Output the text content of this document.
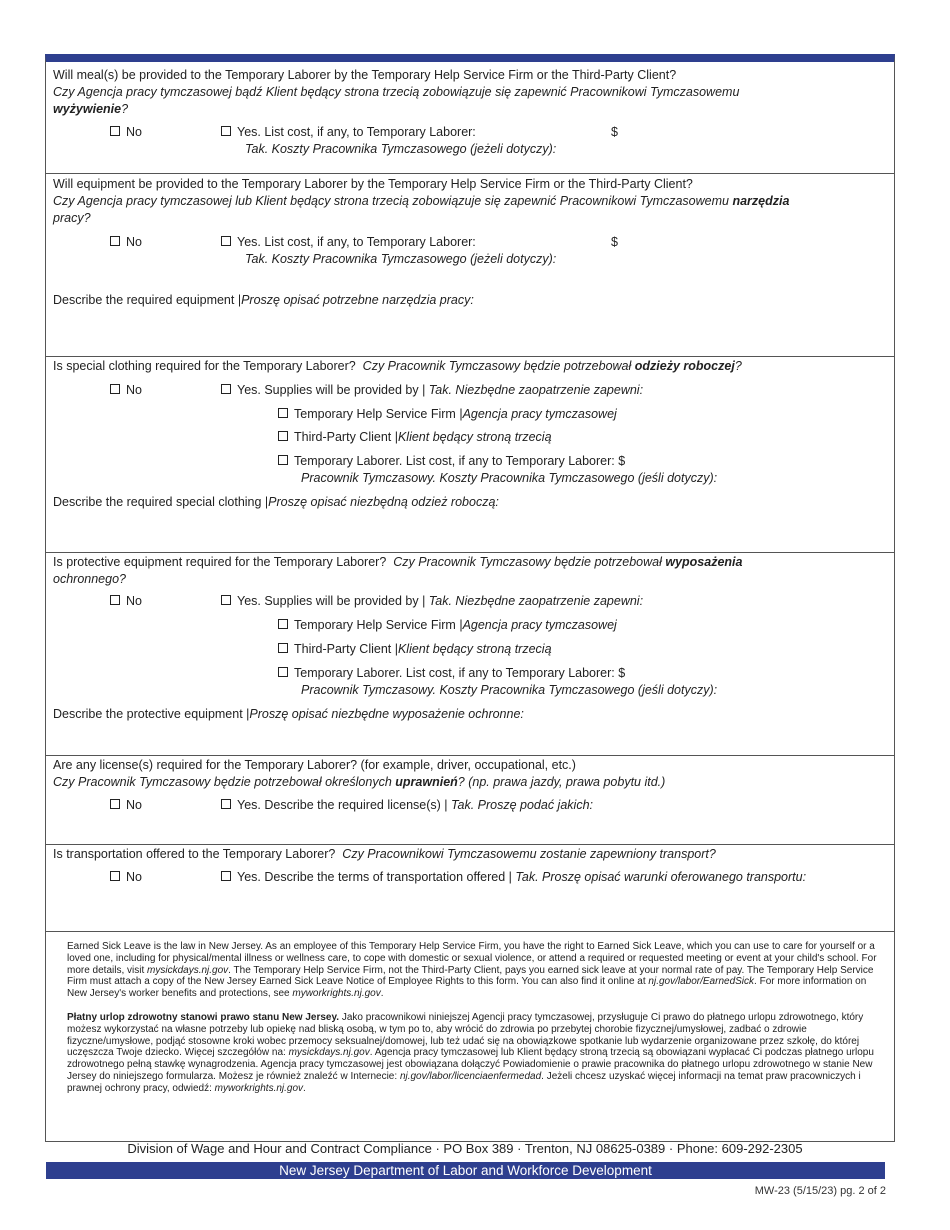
Will meal(s) be provided to the Temporary Laborer by the Temporary Help Service Firm or the Third-Party Client?
Czy Agencja pracy tymczasowej bądź Klient będący strona trzecią zobowiązuje się zapewnić Pracownikowi Tymczasowemu
wyżywienie?
No	Yes. List cost, if any, to Temporary Laborer:	$
Tak. Koszty Pracownika Tymczasowego (jeżeli dotyczy):
Will equipment be provided to the Temporary Laborer by the Temporary Help Service Firm or the Third-Party Client?
Czy Agencja pracy tymczasowej lub Klient będący strona trzecią zobowiązuje się zapewnić Pracownikowi Tymczasowemu narzędzia
pracy?
No	Yes. List cost, if any, to Temporary Laborer:	$
Tak. Koszty Pracownika Tymczasowego (jeżeli dotyczy):
Describe the required equipment |Proszę opisać potrzebne narzędzia pracy:
Is special clothing required for the Temporary Laborer? Czy Pracownik Tymczasowy będzie potrzebował odzieży roboczej?
No	Yes. Supplies will be provided by | Tak. Niezbędne zaopatrzenie zapewni:
Temporary Help Service Firm |Agencja pracy tymczasowej
Third-Party Client |Klient będący stroną trzecią
Temporary Laborer. List cost, if any to Temporary Laborer: $
Pracownik Tymczasowy. Koszty Pracownika Tymczasowego (jeśli dotyczy):
Describe the required special clothing |Proszę opisać niezbędną odzież roboczą:
Is protective equipment required for the Temporary Laborer? Czy Pracownik Tymczasowy będzie potrzebował wyposażenia
ochronnego?
No	Yes. Supplies will be provided by | Tak. Niezbędne zaopatrzenie zapewni:
Temporary Help Service Firm |Agencja pracy tymczasowej
Third-Party Client |Klient będący stroną trzecią
Temporary Laborer. List cost, if any to Temporary Laborer: $
Pracownik Tymczasowy. Koszty Pracownika Tymczasowego (jeśli dotyczy):
Describe the protective equipment |Proszę opisać niezbędne wyposażenie ochronne:
Are any license(s) required for the Temporary Laborer? (for example, driver, occupational, etc.)
Czy Pracownik Tymczasowy będzie potrzebował określonych uprawnień? (np. prawa jazdy, prawa pobytu itd.)
No	Yes. Describe the required license(s) | Tak. Proszę podać jakich:
Is transportation offered to the Temporary Laborer? Czy Pracownikowi Tymczasowemu zostanie zapewniony transport?
No	Yes. Describe the terms of transportation offered | Tak. Proszę opisać warunki oferowanego transportu:
Earned Sick Leave is the law in New Jersey. As an employee of this Temporary Help Service Firm, you have the right to Earned Sick Leave, which you can use to care for yourself or a loved one, including for physical/mental illness or wellness care, to cope with domestic or sexual violence, or attend a required or requested meeting or event at your child's school. For more details, visit mysickdays.nj.gov. The Temporary Help Service Firm, not the Third-Party Client, pays you earned sick leave at your normal rate of pay. The Temporary Help Service Firm must attach a copy of the New Jersey Earned Sick Leave Notice of Employee Rights to this form. You can also find it online at nj.gov/labor/EarnedSick. For more information on New Jersey's worker benefits and protections, see myworkrights.nj.gov.
Płatny urlop zdrowotny stanowi prawo stanu New Jersey. Jako pracownikowi niniejszej Agencji pracy tymczasowej, przysługuje Ci prawo do płatnego urlopu zdrowotnego, który możesz wykorzystać na własne potrzeby lub opiekę nad bliską osobą, w tym po to, aby wrócić do zdrowia po przebytej chorobie fizycznej/umysłowej, zadbać o zdrowie fizyczne/umysłowe, podjąć stosowne kroki wobec przemocy seksualnej/domowej, lub też udać się na obowiązkowe spotkanie lub wydarzenie organizowane przez szkołę, do której uczęszcza Twoje dziecko. Więcej szczegółów na: mysickdays.nj.gov. Agencja pracy tymczasowej lub Klient będący stroną trzecią są obowiązani wypłacać Ci podczas płatnego urlopu zdrowotnego pełną stawkę wynagrodzenia. Agencja pracy tymczasowej jest obowiązana dołączyć Powiadomienie o prawie pracownika do płatnego urlopu zdrowotnego w stanie New Jersey do niniejszego formularza. Możesz je również znaleźć w Internecie: nj.gov/labor/licenciaenfermedad. Jeżeli chcesz uzyskać więcej informacji na temat praw pracowniczych i prawnej ochrony pracy, odwiedź: myworkrights.nj.gov.
Division of Wage and Hour and Contract Compliance · PO Box 389 · Trenton, NJ 08625-0389 · Phone: 609-292-2305
New Jersey Department of Labor and Workforce Development
MW-23 (5/15/23) pg. 2 of 2
